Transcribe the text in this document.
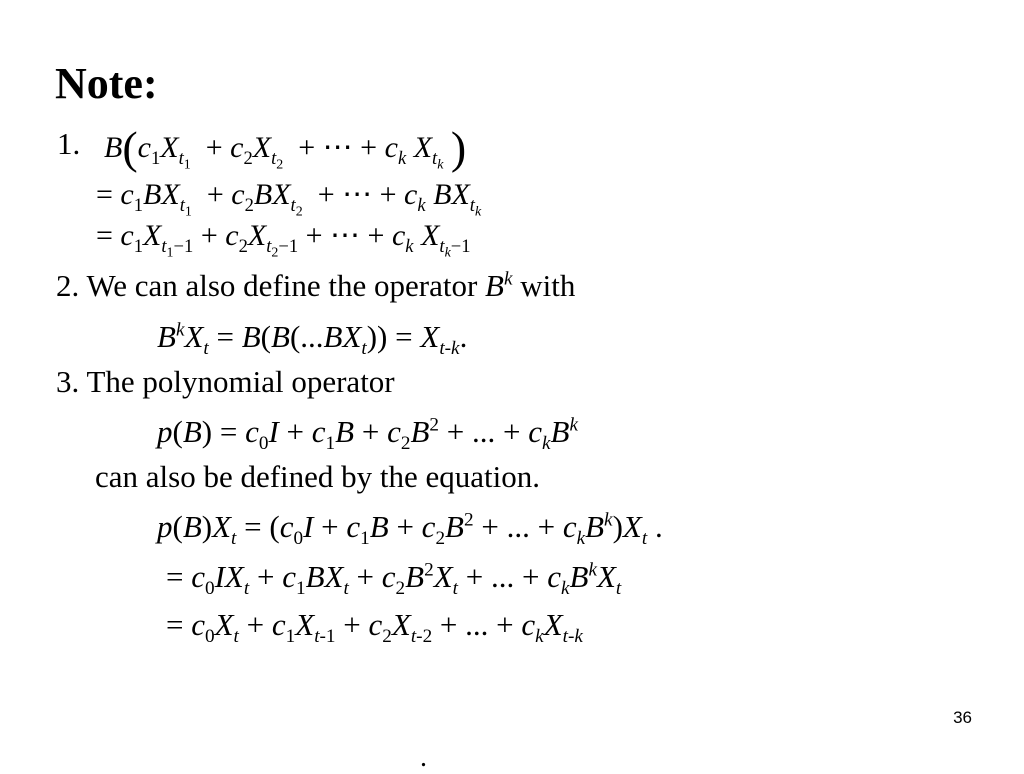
Note:
1. $B(c_1X_{t_1} + c_2X_{t_2}$  + ⋯ + $c_k$ $X_{t_k}$ )
= $c_1BX_{t_1} + c_2BX_{t_2}$  + ⋯ + $c_k$ $BX_{t_k}$
= $c_1X_{t_1-1} + c_2X_{t_2-1}$ + ⋯ + $c_k$ $X_{t_k-1}$
2. We can also define the operator $B^k$ with
$B^kX_t = B(B(...BX_t)) = X_{t-k}$.
3. The polynomial operator
$p(B) = c_0I + c_1B + c_2B^2$ + ... + $c_kB^k$
can also be defined by the equation.
$p(B)X_t = (c_0I + c_1B + c_2B^2$ + ... + $c_kB^k)X_t$ .
= $c_0IX_t + c_1BX_t + c_2B^2X_t$ + ... + $c_kB^kX_t$
= $c_0X_t + c_1X_{t-1} + c_2X_{t-2}$ + ... + $c_kX_{t-k}$
36
.
